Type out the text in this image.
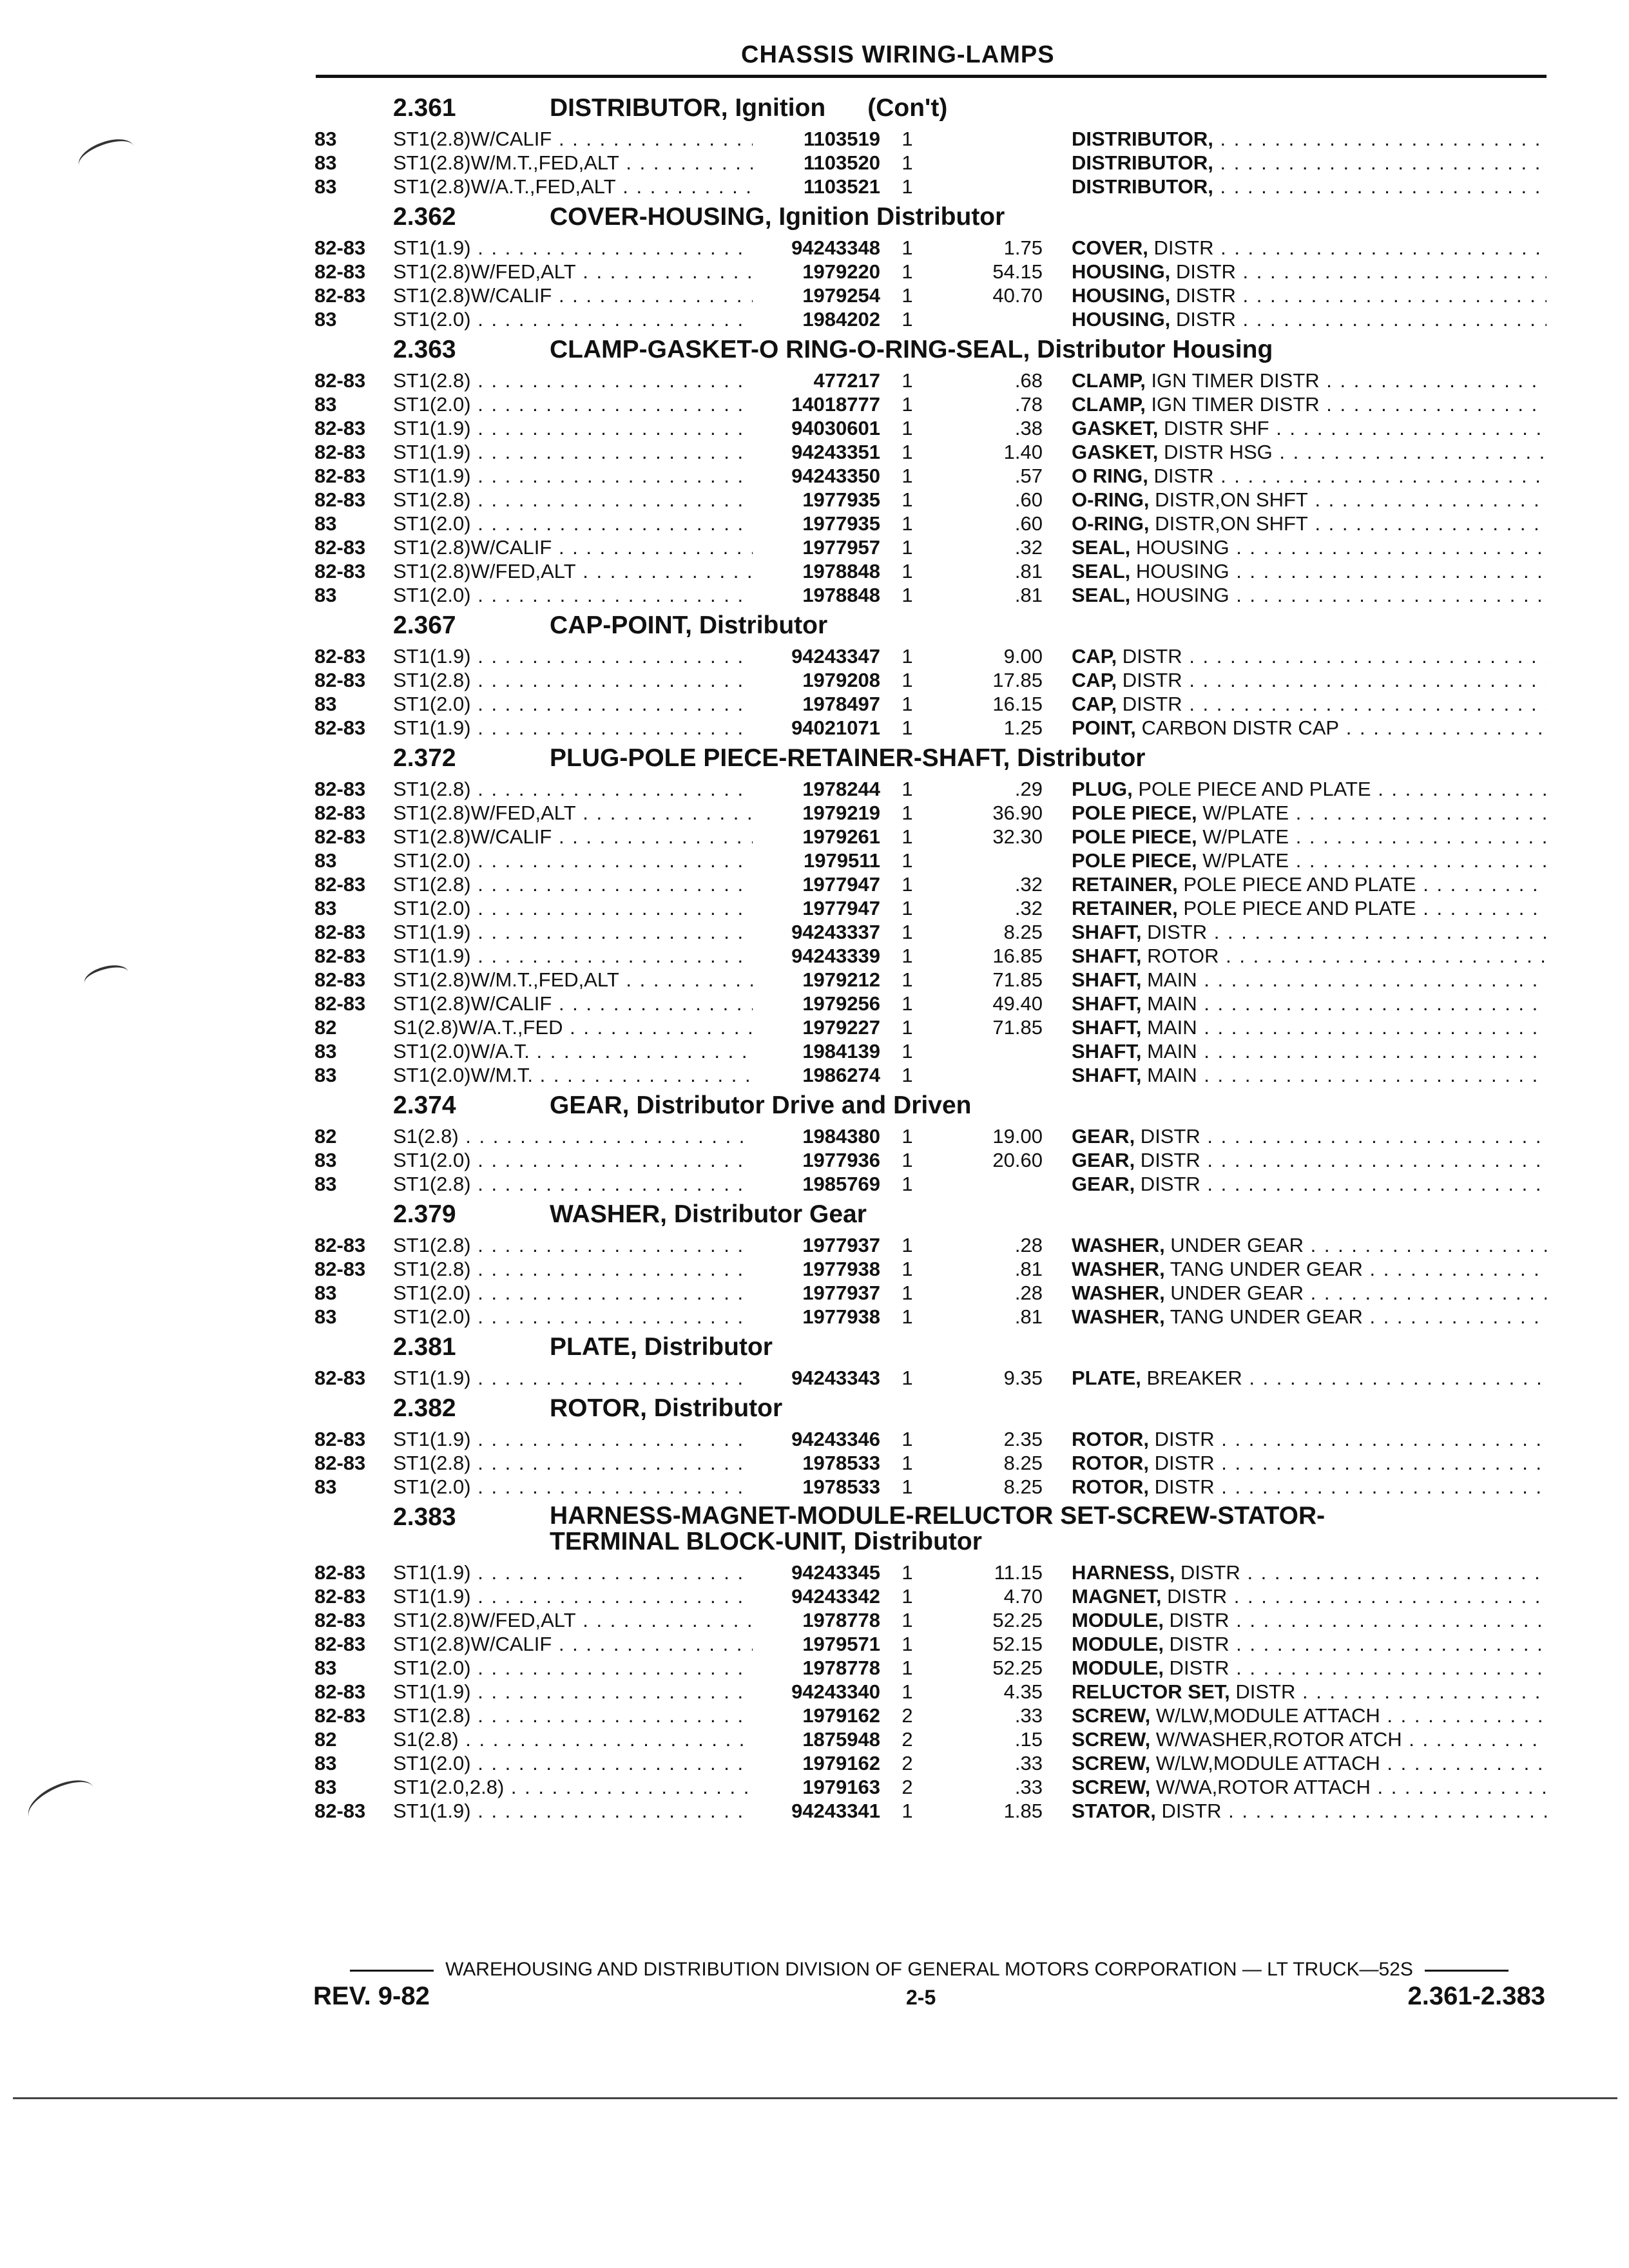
CHASSIS WIRING-LAMPS
2.361	DISTRIBUTOR, Ignition      (Con't)
83	ST1(2.8)W/CALIF . . .	1103519	1	DISTRIBUTOR, . . .
83	ST1(2.8)W/M.T.,FED,ALT . . .	1103520	1	DISTRIBUTOR, . . .
83	ST1(2.8)W/A.T.,FED,ALT . . .	1103521	1	DISTRIBUTOR, . . .
2.362	COVER-HOUSING, Ignition Distributor
82-83	ST1(1.9) . . .	94243348	1	1.75 COVER, DISTR . . .
82-83	ST1(2.8)W/FED,ALT . . .	1979220	1	54.15 HOUSING, DISTR . . .
82-83	ST1(2.8)W/CALIF . . .	1979254	1	40.70 HOUSING, DISTR . . .
83	ST1(2.0) . . .	1984202	1	HOUSING, DISTR . . .
2.363	CLAMP-GASKET-O RING-O-RING-SEAL, Distributor Housing
82-83	ST1(2.8) . . .	477217	1	.68 CLAMP, IGN TIMER DISTR . . .
83	ST1(2.0) . . .	14018777	1	.78 CLAMP, IGN TIMER DISTR . . .
82-83	ST1(1.9) . . .	94030601	1	.38 GASKET, DISTR SHF . . .
82-83	ST1(1.9) . . .	94243351	1	1.40 GASKET, DISTR HSG . . .
82-83	ST1(1.9) . . .	94243350	1	.57 O RING, DISTR . . .
82-83	ST1(2.8) . . .	1977935	1	.60 O-RING, DISTR,ON SHFT . . .
83	ST1(2.0) . . .	1977935	1	.60 O-RING, DISTR,ON SHFT . . .
82-83	ST1(2.8)W/CALIF . . .	1977957	1	.32 SEAL, HOUSING . . .
82-83	ST1(2.8)W/FED,ALT . . .	1978848	1	.81 SEAL, HOUSING . . .
83	ST1(2.0) . . .	1978848	1	.81 SEAL, HOUSING . . .
2.367	CAP-POINT, Distributor
82-83	ST1(1.9) . . .	94243347	1	9.00 CAP, DISTR . . .
82-83	ST1(2.8) . . .	1979208	1	17.85 CAP, DISTR . . .
83	ST1(2.0) . . .	1978497	1	16.15 CAP, DISTR . . .
82-83	ST1(1.9) . . .	94021071	1	1.25 POINT, CARBON DISTR CAP . . .
2.372	PLUG-POLE PIECE-RETAINER-SHAFT, Distributor
82-83	ST1(2.8) . . .	1978244	1	.29 PLUG, POLE PIECE AND PLATE . . .
82-83	ST1(2.8)W/FED,ALT . . .	1979219	1	36.90 POLE PIECE, W/PLATE . . .
82-83	ST1(2.8)W/CALIF . . .	1979261	1	32.30 POLE PIECE, W/PLATE . . .
83	ST1(2.0) . . .	1979511	1	POLE PIECE, W/PLATE . . .
82-83	ST1(2.8) . . .	1977947	1	.32 RETAINER, POLE PIECE AND PLATE . . .
83	ST1(2.0) . . .	1977947	1	.32 RETAINER, POLE PIECE AND PLATE . . .
82-83	ST1(1.9) . . .	94243337	1	8.25 SHAFT, DISTR . . .
82-83	ST1(1.9) . . .	94243339	1	16.85 SHAFT, ROTOR . . .
82-83	ST1(2.8)W/M.T.,FED,ALT . . .	1979212	1	71.85 SHAFT, MAIN . . .
82-83	ST1(2.8)W/CALIF . . .	1979256	1	49.40 SHAFT, MAIN . . .
82	S1(2.8)W/A.T.,FED . . .	1979227	1	71.85 SHAFT, MAIN . . .
83	ST1(2.0)W/A.T. . . .	1984139	1	SHAFT, MAIN . . .
83	ST1(2.0)W/M.T. . . .	1986274	1	SHAFT, MAIN . . .
2.374	GEAR, Distributor Drive and Driven
82	S1(2.8) . . .	1984380	1	19.00 GEAR, DISTR . . .
83	ST1(2.0) . . .	1977936	1	20.60 GEAR, DISTR . . .
83	ST1(2.8) . . .	1985769	1	GEAR, DISTR . . .
2.379	WASHER, Distributor Gear
82-83	ST1(2.8) . . .	1977937	1	.28 WASHER, UNDER GEAR . . .
82-83	ST1(2.8) . . .	1977938	1	.81 WASHER, TANG UNDER GEAR . . .
83	ST1(2.0) . . .	1977937	1	.28 WASHER, UNDER GEAR . . .
83	ST1(2.0) . . .	1977938	1	.81 WASHER, TANG UNDER GEAR . . .
2.381	PLATE, Distributor
82-83	ST1(1.9) . . .	94243343	1	9.35 PLATE, BREAKER . . .
2.382	ROTOR, Distributor
82-83	ST1(1.9) . . .	94243346	1	2.35 ROTOR, DISTR . . .
82-83	ST1(2.8) . . .	1978533	1	8.25 ROTOR, DISTR . . .
83	ST1(2.0) . . .	1978533	1	8.25 ROTOR, DISTR . . .
2.383	HARNESS-MAGNET-MODULE-RELUCTOR SET-SCREW-STATOR-
TERMINAL BLOCK-UNIT, Distributor
82-83	ST1(1.9) . . .	94243345	1	11.15 HARNESS, DISTR . . .
82-83	ST1(1.9) . . .	94243342	1	4.70 MAGNET, DISTR . . .
82-83	ST1(2.8)W/FED,ALT . . .	1978778	1	52.25 MODULE, DISTR . . .
82-83	ST1(2.8)W/CALIF . . .	1979571	1	52.15 MODULE, DISTR . . .
83	ST1(2.0) . . .	1978778	1	52.25 MODULE, DISTR . . .
82-83	ST1(1.9) . . .	94243340	1	4.35 RELUCTOR SET, DISTR . . .
82-83	ST1(2.8) . . .	1979162	2	.33 SCREW, W/LW,MODULE ATTACH . . .
82	S1(2.8) . . .	1875948	2	.15 SCREW, W/WASHER,ROTOR ATCH . . .
83	ST1(2.0) . . .	1979162	2	.33 SCREW, W/LW,MODULE ATTACH . . .
83	ST1(2.0,2.8) . . .	1979163	2	.33 SCREW, W/WA,ROTOR ATTACH . . .
82-83	ST1(1.9) . . .	94243341	1	1.85 STATOR, DISTR . . .
WAREHOUSING AND DISTRIBUTION DIVISION OF GENERAL MOTORS CORPORATION — LT TRUCK—52S
REV. 9-82	2-5	2.361-2.383
